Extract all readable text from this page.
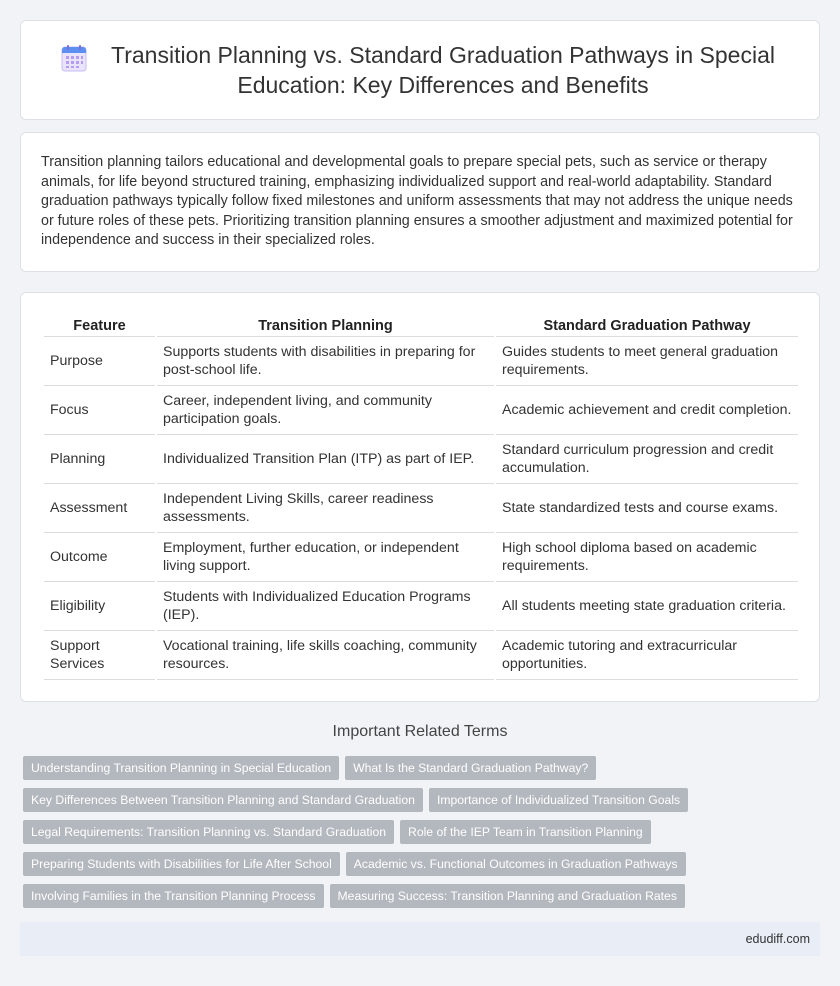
Transition Planning vs. Standard Graduation Pathways in Special Education: Key Differences and Benefits

Transition planning tailors educational and developmental goals to prepare special pets, such as service or therapy animals, for life beyond structured training, emphasizing individualized support and real-world adaptability. Standard graduation pathways typically follow fixed milestones and uniform assessments that may not address the unique needs or future roles of these pets. Prioritizing transition planning ensures a smoother adjustment and maximized potential for independence and success in their specialized roles.

Feature	Transition Planning	Standard Graduation Pathway
Purpose	Supports students with disabilities in preparing for post-school life.	Guides students to meet general graduation requirements.
Focus	Career, independent living, and community participation goals.	Academic achievement and credit completion.
Planning	Individualized Transition Plan (ITP) as part of IEP.	Standard curriculum progression and credit accumulation.
Assessment	Independent Living Skills, career readiness assessments.	State standardized tests and course exams.
Outcome	Employment, further education, or independent living support.	High school diploma based on academic requirements.
Eligibility	Students with Individualized Education Programs (IEP).	All students meeting state graduation criteria.
Support Services	Vocational training, life skills coaching, community resources.	Academic tutoring and extracurricular opportunities.
Important Related Terms
Understanding Transition Planning in Special Education	What Is the Standard Graduation Pathway?
Key Differences Between Transition Planning and Standard Graduation	Importance of Individualized Transition Goals
Legal Requirements: Transition Planning vs. Standard Graduation	Role of the IEP Team in Transition Planning
Preparing Students with Disabilities for Life After School	Academic vs. Functional Outcomes in Graduation Pathways
Involving Families in the Transition Planning Process	Measuring Success: Transition Planning and Graduation Rates
edudiff.com
